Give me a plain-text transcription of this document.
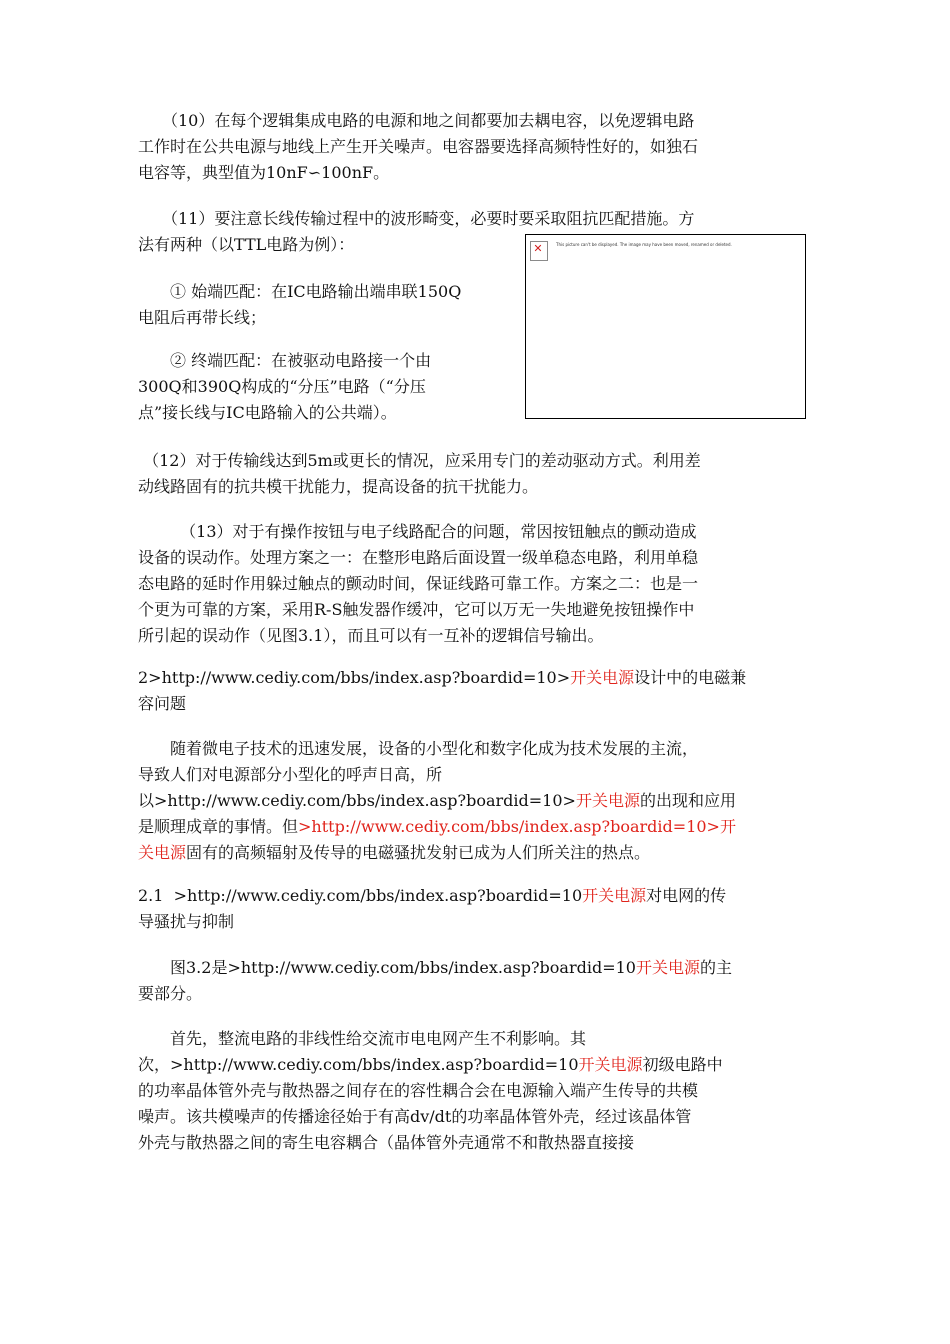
　　（10）在每个逻辑集成电路的电源和地之间都要加去耦电容，以免逻辑电路
工作时在公共电源与地线上产生开关噪声。电容器要选择高频特性好的，如独石
电容等，典型值为10nF∽100nF。
　　（11）要注意长线传输过程中的波形畸变，必要时要采取阻抗匹配措施。方
法有两种（以TTL电路为例）：
　　① 始端匹配：在IC电路输出端串联150Q
电阻后再带长线；
　　② 终端匹配：在被驱动电路接一个由
300Q和390Q构成的“分压”电路（“分压
点”接长线与IC电路输入的公共端）。
✕	This picture can't be displayed. The image may have been moved, renamed or deleted.
（12）对于传输线达到5m或更长的情况，应采用专门的差动驱动方式。利用差
动线路固有的抗共模干扰能力，提高设备的抗干扰能力。
　　  （13）对于有操作按钮与电子线路配合的问题，常因按钮触点的颤动造成
设备的误动作。处理方案之一：在整形电路后面设置一级单稳态电路，利用单稳
态电路的延时作用躲过触点的颤动时间，保证线路可靠工作。方案之二：也是一
个更为可靠的方案，采用R-S触发器作缓冲，它可以万无一失地避免按钮操作中
所引起的误动作（见图3.1），而且可以有一互补的逻辑信号输出。
2>http://www.cediy.com/bbs/index.asp?boardid=10>开关电源设计中的电磁兼
容问题
　　随着微电子技术的迅速发展，设备的小型化和数字化成为技术发展的主流，
导致人们对电源部分小型化的呼声日高，所
以>http://www.cediy.com/bbs/index.asp?boardid=10>开关电源的出现和应用
是顺理成章的事情。但>http://www.cediy.com/bbs/index.asp?boardid=10>开
关电源固有的高频辐射及传导的电磁骚扰发射已成为人们所关注的热点。
2.1  >http://www.cediy.com/bbs/index.asp?boardid=10开关电源对电网的传
导骚扰与抑制
　　图3.2是>http://www.cediy.com/bbs/index.asp?boardid=10开关电源的主
要部分。
　　首先，整流电路的非线性给交流市电电网产生不利影响。其
次，>http://www.cediy.com/bbs/index.asp?boardid=10开关电源初级电路中
的功率晶体管外壳与散热器之间存在的容性耦合会在电源输入端产生传导的共模
噪声。该共模噪声的传播途径始于有高dv/dt的功率晶体管外壳，经过该晶体管
外壳与散热器之间的寄生电容耦合（晶体管外壳通常不和散热器直接接
